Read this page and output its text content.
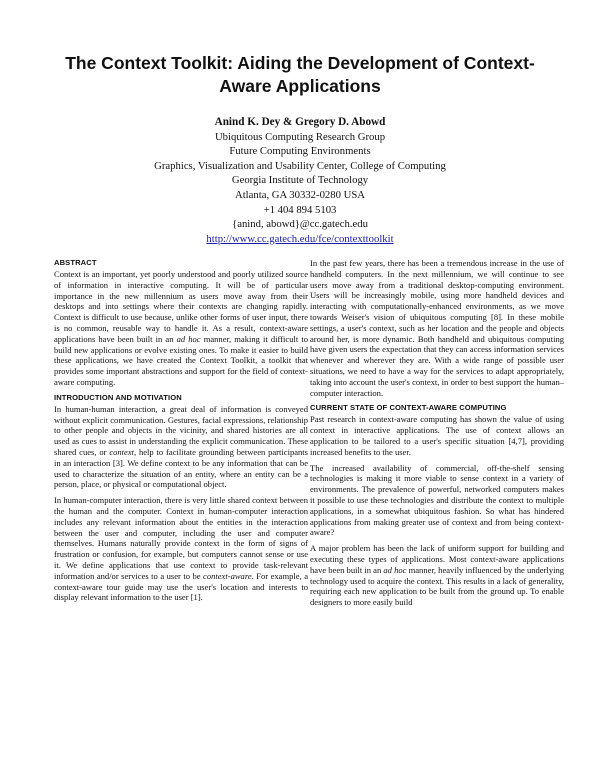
The Context Toolkit: Aiding the Development of Context-Aware Applications
Anind K. Dey & Gregory D. Abowd
Ubiquitous Computing Research Group
Future Computing Environments
Graphics, Visualization and Usability Center, College of Computing
Georgia Institute of Technology
Atlanta, GA 30332-0280 USA
+1 404 894 5103
{anind, abowd}@cc.gatech.edu
http://www.cc.gatech.edu/fce/contexttoolkit
ABSTRACT

Context is an important, yet poorly understood and poorly utilized source of information in interactive computing. It will be of particular importance in the new millennium as users move away from their desktops and into settings where their contexts are changing rapidly. Context is difficult to use because, unlike other forms of user input, there is no common, reusable way to handle it. As a result, context-aware applications have been built in an ad hoc manner, making it difficult to build new applications or evolve existing ones. To make it easier to build these applications, we have created the Context Toolkit, a toolkit that provides some important abstractions and support for the field of context-aware computing.

INTRODUCTION AND MOTIVATION

In human-human interaction, a great deal of information is conveyed without explicit communication. Gestures, facial expressions, relationship to other people and objects in the vicinity, and shared histories are all used as cues to assist in understanding the explicit communication. These shared cues, or context, help to facilitate grounding between participants in an interaction [3]. We define context to be any information that can be used to characterize the situation of an entity, where an entity can be a person, place, or physical or computational object.

In human-computer interaction, there is very little shared context between the human and the computer. Context in human-computer interaction includes any relevant information about the entities in the interaction between the user and computer, including the user and computer themselves. Humans naturally provide context in the form of signs of frustration or confusion, for example, but computers cannot sense or use it. We define applications that use context to provide task-relevant information and/or services to a user to be context-aware. For example, a context-aware tour guide may use the user's location and interests to display relevant information to the user [1].

In the past few years, there has been a tremendous increase in the use of handheld computers. In the next millennium, we will continue to see users move away from a traditional desktop-computing environment. Users will be increasingly mobile, using more handheld devices and interacting with computationally-enhanced environments, as we move towards Weiser's vision of ubiquitous computing [8]. In these mobile settings, a user's context, such as her location and the people and objects around her, is more dynamic. Both handheld and ubiquitous computing have given users the expectation that they can access information services whenever and wherever they are. With a wide range of possible user situations, we need to have a way for the services to adapt appropriately, taking into account the user's context, in order to best support the human–computer interaction.

CURRENT STATE OF CONTEXT-AWARE COMPUTING

Past research in context-aware computing has shown the value of using context in interactive applications. The use of context allows an application to be tailored to a user's specific situation [4,7], providing increased benefits to the user.

The increased availability of commercial, off-the-shelf sensing technologies is making it more viable to sense context in a variety of environments. The prevalence of powerful, networked computers makes it possible to use these technologies and distribute the context to multiple applications, in a somewhat ubiquitous fashion. So what has hindered applications from making greater use of context and from being context-aware?

A major problem has been the lack of uniform support for building and executing these types of applications. Most context-aware applications have been built in an ad hoc manner, heavily influenced by the underlying technology used to acquire the context. This results in a lack of generality, requiring each new application to be built from the ground up. To enable designers to more easily build
